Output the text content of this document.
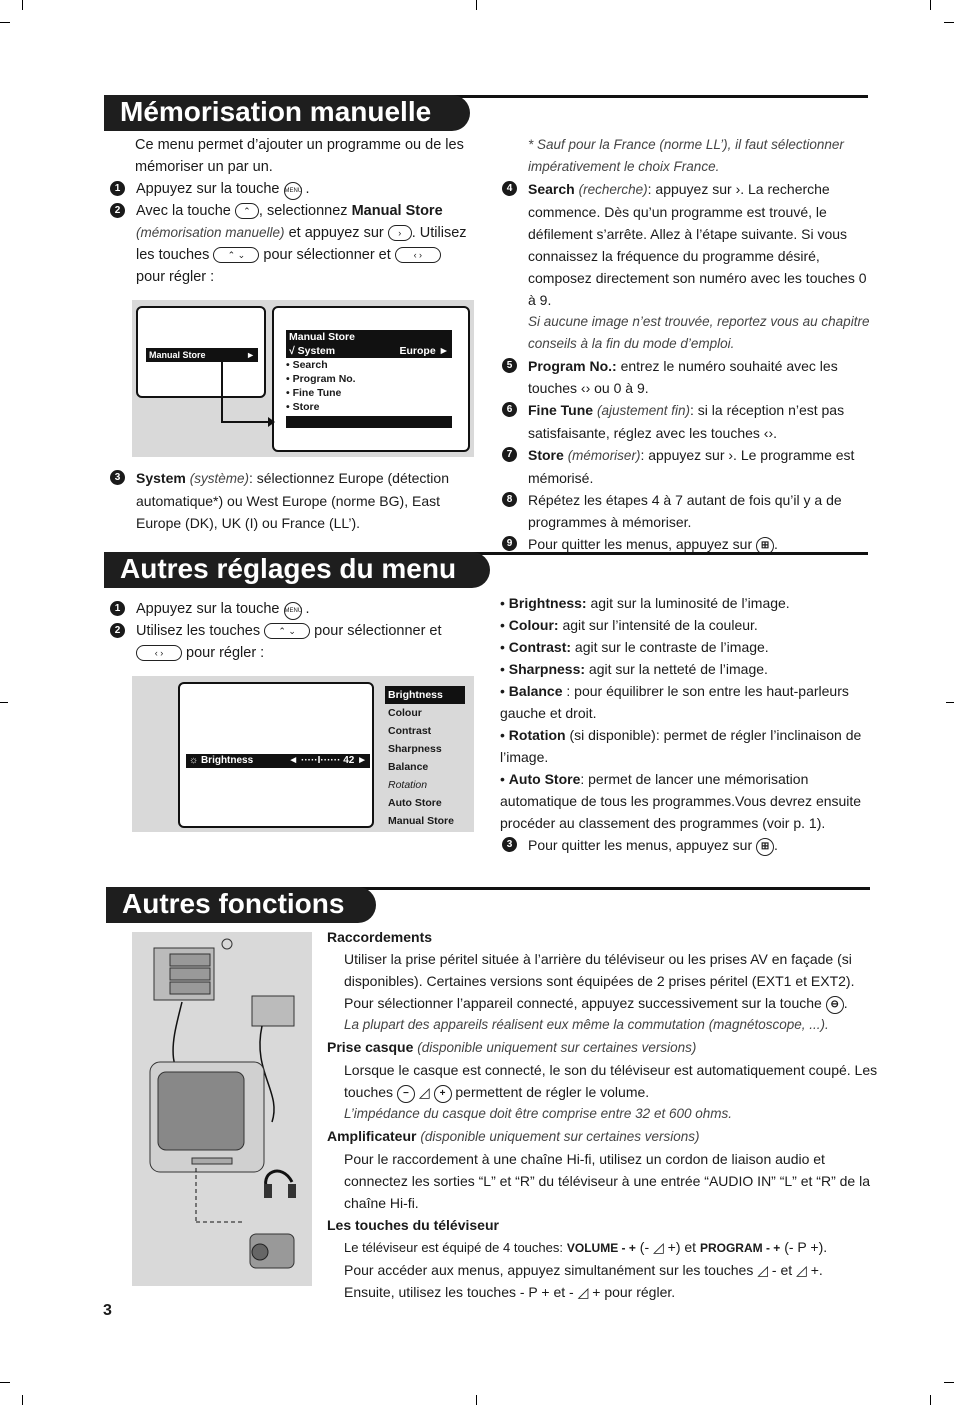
Mémorisation manuelle
Ce menu permet d’ajouter un programme ou de les mémoriser un par un.
1	Appuyez sur la touche MENU .
2	Avec la touche ⌃ , selectionnez Manual Store
(mémorisation manuelle) et appuyez sur › . Utilisez les touches ⌃ ⌄ pour sélectionner et	‹ ›
pour régler :
Manual Store	►
Manual Store
√ System	Europe ►
• Search
• Program No.
• Fine Tune
• Store
3	System (système): sélectionnez Europe (détection automatique*) ou West Europe (norme BG), East Europe (DK), UK (I) ou France (LL’).
* Sauf pour la France (norme LL’), il faut sélectionner impérativement le choix France.
4	Search (recherche): appuyez sur ›. La recherche commence. Dès qu’un programme est trouvé, le défilement s’arrête. Allez à l’étape suivante. Si vous connaissez la fréquence du programme désiré, composez directement son numéro avec les touches 0 à 9.
Si aucune image n’est trouvée, reportez vous au chapitre conseils à la fin du mode d’emploi.
5	Program No.: entrez le numéro souhaité avec les touches ‹› ou 0 à 9.
6	Fine Tune (ajustement fin): si la réception n’est pas satisfaisante, réglez avec les touches ‹›.
7	Store (mémoriser): appuyez sur ›. Le programme est mémorisé.
8	Répétez les étapes 4 à 7 autant de fois qu’il y a de programmes à mémoriser.
9	Pour quitter les menus, appuyez sur ⊞ .
Autres réglages du menu
1	Appuyez sur la touche MENU .
2	Utilisez les touches ⌃ ⌄ pour sélectionner et
‹ › pour régler :
☼ Brightness	◄ ·····I······ 42 ►
Brightness
Colour
Contrast
Sharpness
Balance
Rotation
Auto Store
Manual Store
• Brightness: agit sur la luminosité de l’image.
• Colour: agit sur l’intensité de la couleur.
• Contrast: agit sur le contraste de l’image.
• Sharpness: agit sur la netteté de l’image.
• Balance : pour équilibrer le son entre les haut-parleurs gauche et droit.
• Rotation (si disponible): permet de régler l’inclinaison de l’image.
• Auto Store: permet de lancer une mémorisation automatique de tous les programmes.Vous devrez ensuite procéder au classement des programmes (voir p. 1).
3	Pour quitter les menus, appuyez sur ⊞ .
Autres fonctions
Raccordements
Utiliser la prise péritel située à l’arrière du téléviseur ou les prises AV en façade (si disponibles). Certaines versions sont équipées de 2 prises péritel (EXT1 et EXT2). Pour sélectionner l’appareil connecté, appuyez successivement sur la touche ⊖ .
La plupart des appareils réalisent eux même la commutation (magnétoscope, ...).
Prise casque (disponible uniquement sur certaines versions)
Lorsque le casque est connecté, le son du téléviseur est automatiquement coupé. Les touches − ◿ + permettent de régler le volume.
L’impédance du casque doit être comprise entre 32 et 600 ohms.
Amplificateur (disponible uniquement sur certaines versions)
Pour le raccordement à une chaîne Hi-fi, utilisez un cordon de liaison audio et connectez les sorties “L” et “R” du téléviseur à une entrée “AUDIO IN” “L” et “R” de la chaîne Hi-fi.
Les touches du téléviseur
Le téléviseur est équipé de 4 touches: VOLUME - + (- ◿ +) et PROGRAM - + (- P +).
Pour accéder aux menus, appuyez simultanément sur les touches ◿ - et ◿ +.
Ensuite, utilisez les touches - P + et - ◿ + pour régler.
3
